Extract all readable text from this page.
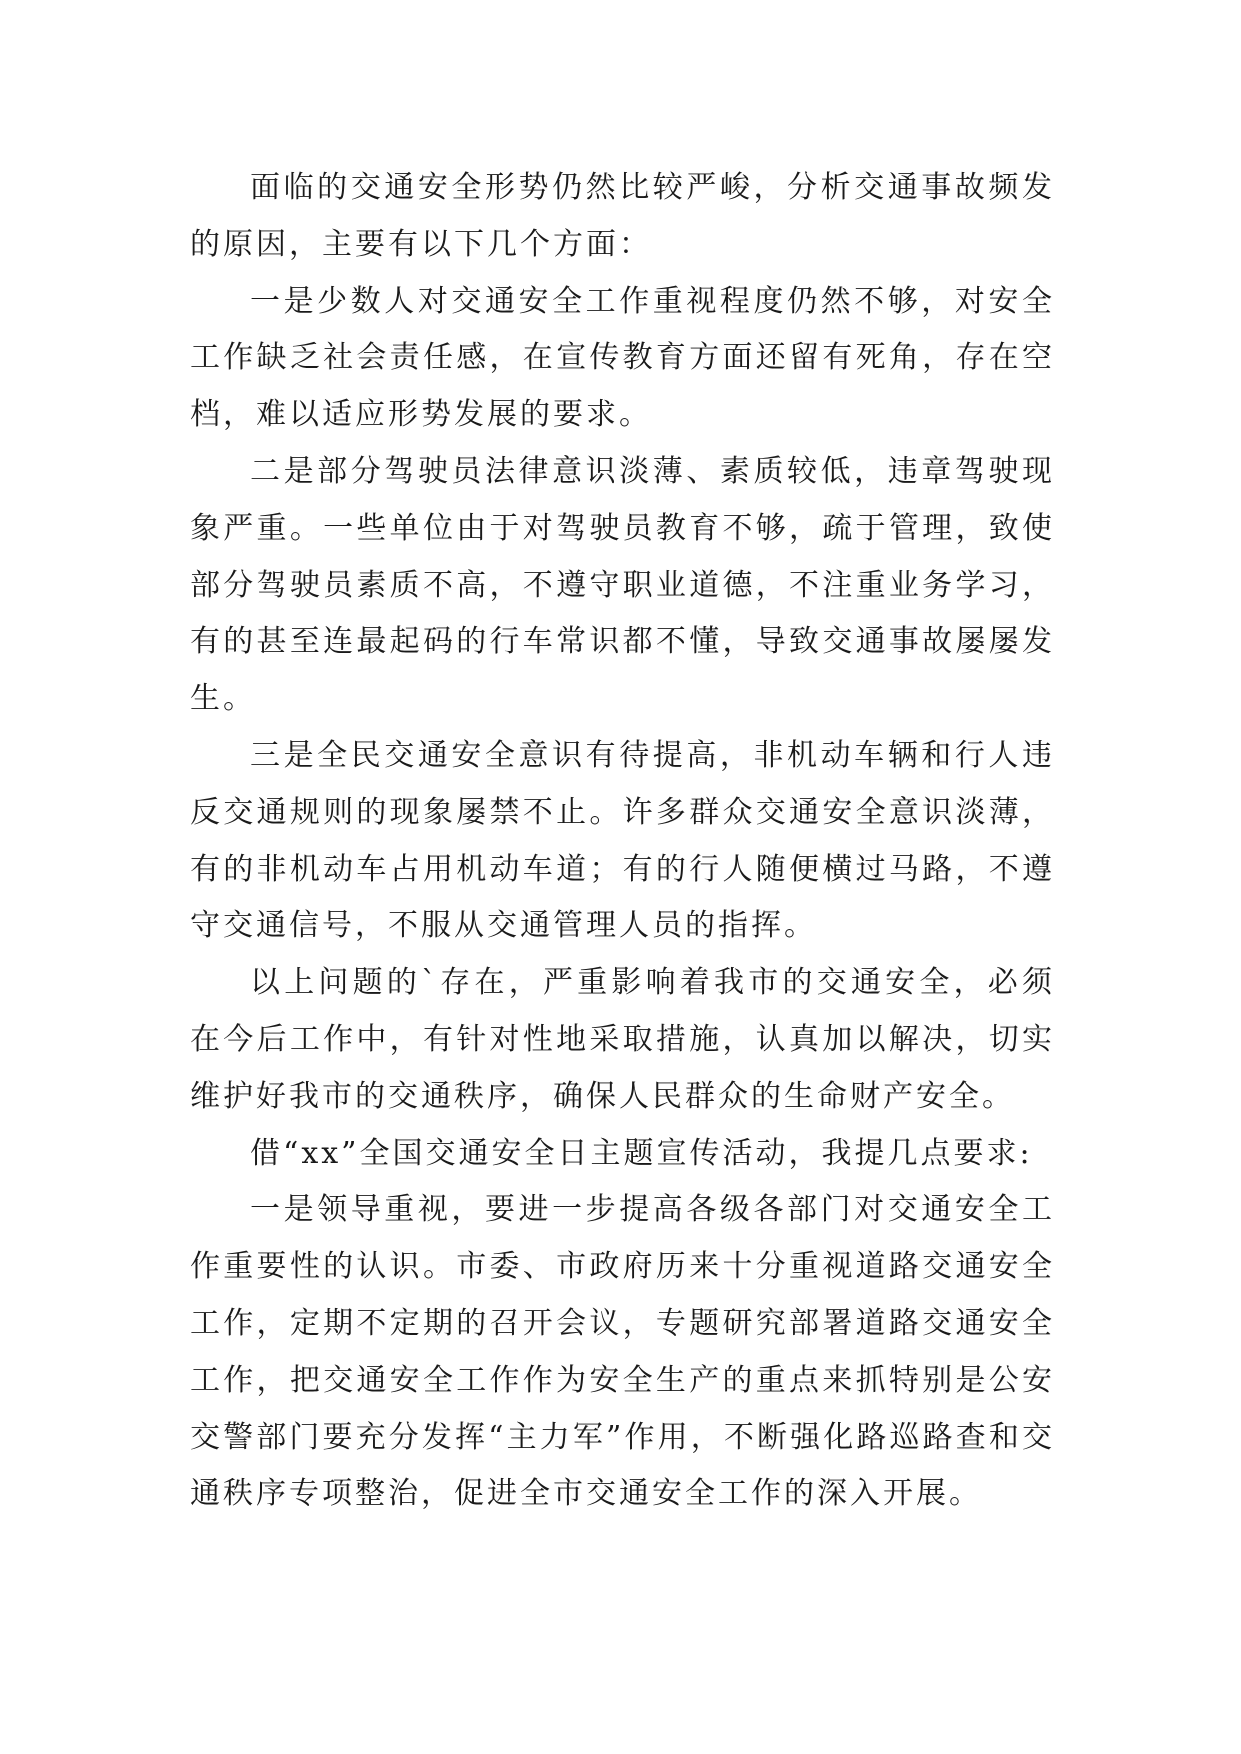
面临的交通安全形势仍然比较严峻，分析交通事故频发的原因，主要有以下几个方面：

一是少数人对交通安全工作重视程度仍然不够，对安全工作缺乏社会责任感，在宣传教育方面还留有死角，存在空档，难以适应形势发展的要求。

二是部分驾驶员法律意识淡薄、素质较低，违章驾驶现象严重。一些单位由于对驾驶员教育不够，疏于管理，致使部分驾驶员素质不高，不遵守职业道德，不注重业务学习，有的甚至连最起码的行车常识都不懂，导致交通事故屡屡发生。

三是全民交通安全意识有待提高，非机动车辆和行人违反交通规则的现象屡禁不止。许多群众交通安全意识淡薄，有的非机动车占用机动车道；有的行人随便横过马路，不遵守交通信号，不服从交通管理人员的指挥。

以上问题的`存在，严重影响着我市的交通安全，必须在今后工作中，有针对性地采取措施，认真加以解决，切实维护好我市的交通秩序，确保人民群众的生命财产安全。

借“xx”全国交通安全日主题宣传活动，我提几点要求:

一是领导重视，要进一步提高各级各部门对交通安全工作重要性的认识。市委、市政府历来十分重视道路交通安全工作，定期不定期的召开会议，专题研究部署道路交通安全工作，把交通安全工作作为安全生产的重点来抓特别是公安交警部门要充分发挥“主力军”作用，不断强化路巡路查和交通秩序专项整治，促进全市交通安全工作的深入开展。
